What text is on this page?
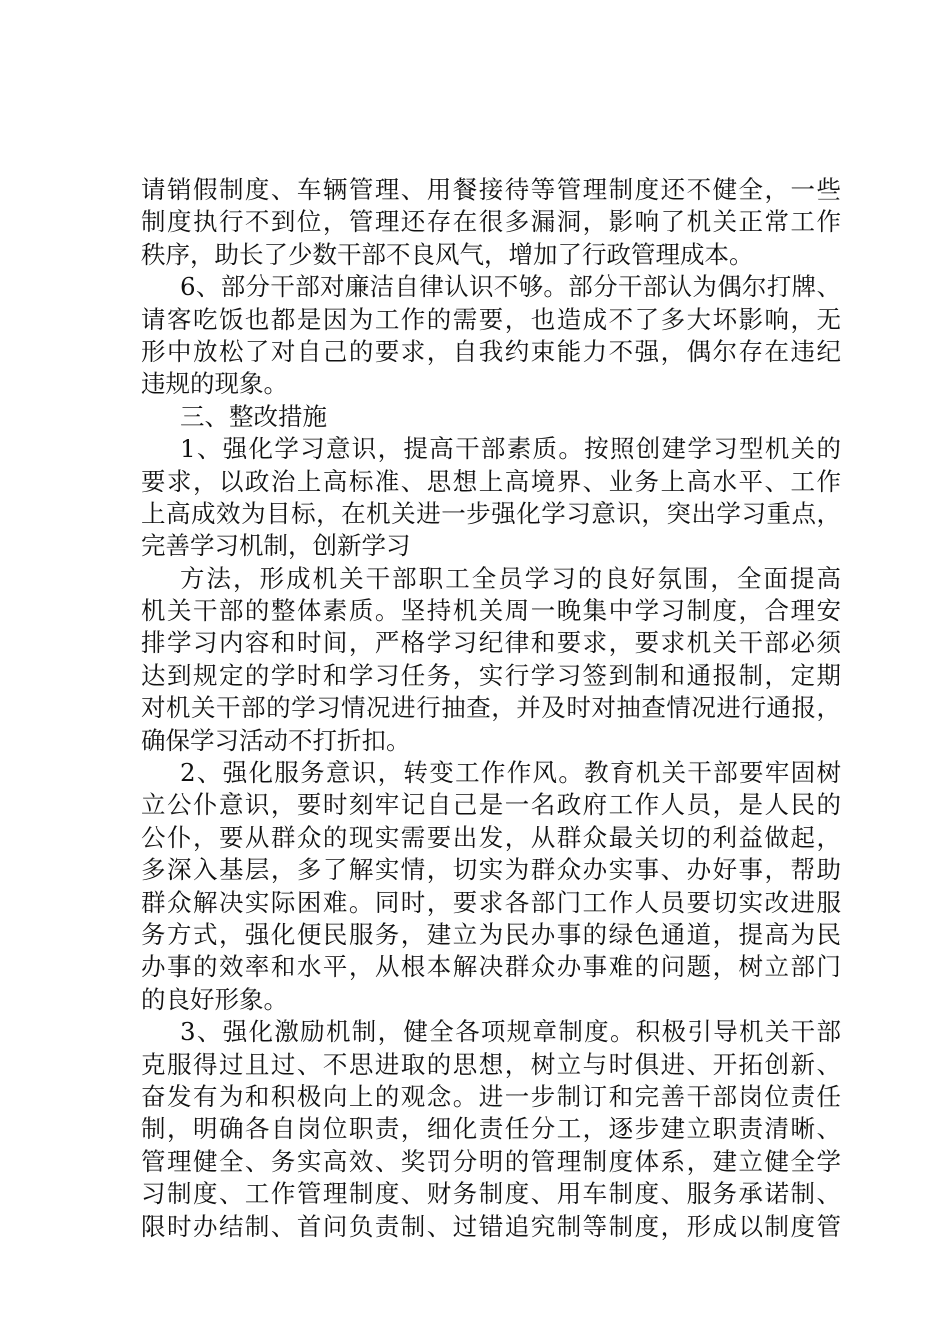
请销假制度、车辆管理、用餐接待等管理制度还不健全，一些
制度执行不到位，管理还存在很多漏洞，影响了机关正常工作
秩序，助长了少数干部不良风气，增加了行政管理成本。
6、部分干部对廉洁自律认识不够。部分干部认为偶尔打牌、
请客吃饭也都是因为工作的需要，也造成不了多大坏影响，无
形中放松了对自己的要求，自我约束能力不强，偶尔存在违纪
违规的现象。
三、整改措施
1、强化学习意识，提高干部素质。按照创建学习型机关的
要求，以政治上高标准、思想上高境界、业务上高水平、工作
上高成效为目标，在机关进一步强化学习意识，突出学习重点，
完善学习机制，创新学习
方法，形成机关干部职工全员学习的良好氛围，全面提高
机关干部的整体素质。坚持机关周一晚集中学习制度，合理安
排学习内容和时间，严格学习纪律和要求，要求机关干部必须
达到规定的学时和学习任务，实行学习签到制和通报制，定期
对机关干部的学习情况进行抽查，并及时对抽查情况进行通报，
确保学习活动不打折扣。
2、强化服务意识，转变工作作风。教育机关干部要牢固树
立公仆意识，要时刻牢记自己是一名政府工作人员，是人民的
公仆，要从群众的现实需要出发，从群众最关切的利益做起，
多深入基层，多了解实情，切实为群众办实事、办好事，帮助
群众解决实际困难。同时，要求各部门工作人员要切实改进服
务方式，强化便民服务，建立为民办事的绿色通道，提高为民
办事的效率和水平，从根本解决群众办事难的问题，树立部门
的良好形象。
3、强化激励机制，健全各项规章制度。积极引导机关干部
克服得过且过、不思进取的思想，树立与时俱进、开拓创新、
奋发有为和积极向上的观念。进一步制订和完善干部岗位责任
制，明确各自岗位职责，细化责任分工，逐步建立职责清晰、
管理健全、务实高效、奖罚分明的管理制度体系，建立健全学
习制度、工作管理制度、财务制度、用车制度、服务承诺制、
限时办结制、首问负责制、过错追究制等制度，形成以制度管
